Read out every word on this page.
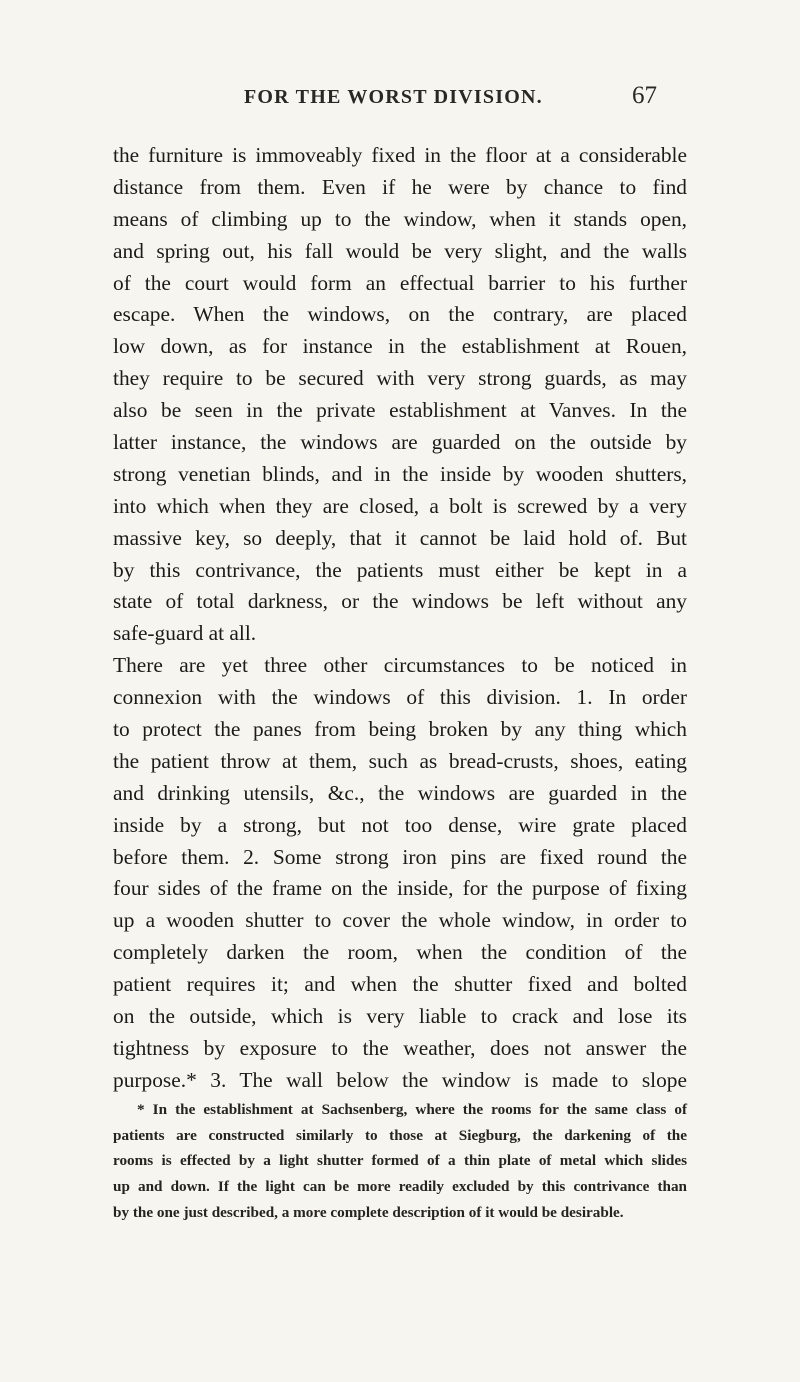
FOR THE WORST DIVISION.	67
the furniture is immoveably fixed in the floor at a considerable
distance from them. Even if he were by chance to find
means of climbing up to the window, when it stands open,
and spring out, his fall would be very slight, and the walls
of the court would form an effectual barrier to his further
escape. When the windows, on the contrary, are placed
low down, as for instance in the establishment at Rouen,
they require to be secured with very strong guards, as may
also be seen in the private establishment at Vanves. In the
latter instance, the windows are guarded on the outside by
strong venetian blinds, and in the inside by wooden shutters,
into which when they are closed, a bolt is screwed by a very
massive key, so deeply, that it cannot be laid hold of. But
by this contrivance, the patients must either be kept in a
state of total darkness, or the windows be left without any
safe-guard at all.
There are yet three other circumstances to be noticed in
connexion with the windows of this division. 1. In order
to protect the panes from being broken by any thing which
the patient throw at them, such as bread-crusts, shoes, eating
and drinking utensils, &c., the windows are guarded in the
inside by a strong, but not too dense, wire grate placed
before them. 2. Some strong iron pins are fixed round the
four sides of the frame on the inside, for the purpose of fixing
up a wooden shutter to cover the whole window, in order to
completely darken the room, when the condition of the
patient requires it; and when the shutter fixed and bolted
on the outside, which is very liable to crack and lose its
tightness by exposure to the weather, does not answer the
purpose.* 3. The wall below the window is made to slope
* In the establishment at Sachsenberg, where the rooms for the same class of
patients are constructed similarly to those at Siegburg, the darkening of the
rooms is effected by a light shutter formed of a thin plate of metal which slides
up and down. If the light can be more readily excluded by this contrivance than
by the one just described, a more complete description of it would be desirable.
